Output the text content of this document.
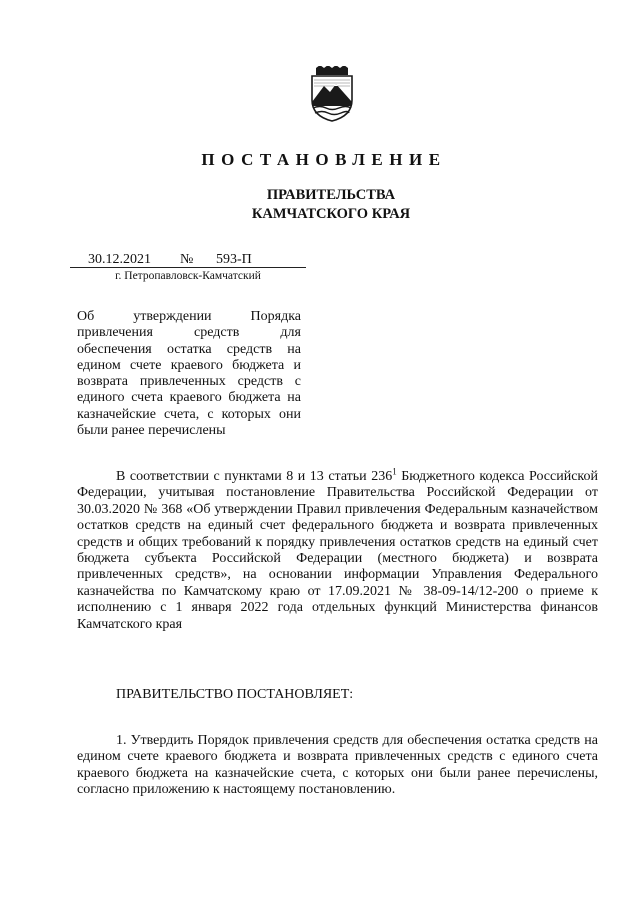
ПОСТАНОВЛЕНИЕ
ПРАВИТЕЛЬСТВА
КАМЧАТСКОГО КРАЯ
30.12.2021 № 593-П
г. Петропавловск-Камчатский
Об утверждении Порядка привлечения средств для обеспечения остатка средств на едином счете краевого бюджета и возврата привлеченных средств с единого счета краевого бюджета на казначейские счета, с которых они были ранее перечислены
В соответствии с пунктами 8 и 13 статьи $236^1$ Бюджетного кодекса Российской Федерации, учитывая постановление Правительства Российской Федерации от 30.03.2020 № 368 «Об утверждении Правил привлечения Федеральным казначейством остатков средств на единый счет федерального бюджета и возврата привлеченных средств и общих требований к порядку привлечения остатков средств на единый счет бюджета субъекта Российской Федерации (местного бюджета) и возврата привлеченных средств», на основании информации Управления Федерального казначейства по Камчатскому краю от 17.09.2021 № 38-09-14/12-200 о приеме к исполнению с 1 января 2022 года отдельных функций Министерства финансов Камчатского края
ПРАВИТЕЛЬСТВО ПОСТАНОВЛЯЕТ:
1. Утвердить Порядок привлечения средств для обеспечения остатка средств на едином счете краевого бюджета и возврата привлеченных средств с единого счета краевого бюджета на казначейские счета, с которых они были ранее перечислены, согласно приложению к настоящему постановлению.
